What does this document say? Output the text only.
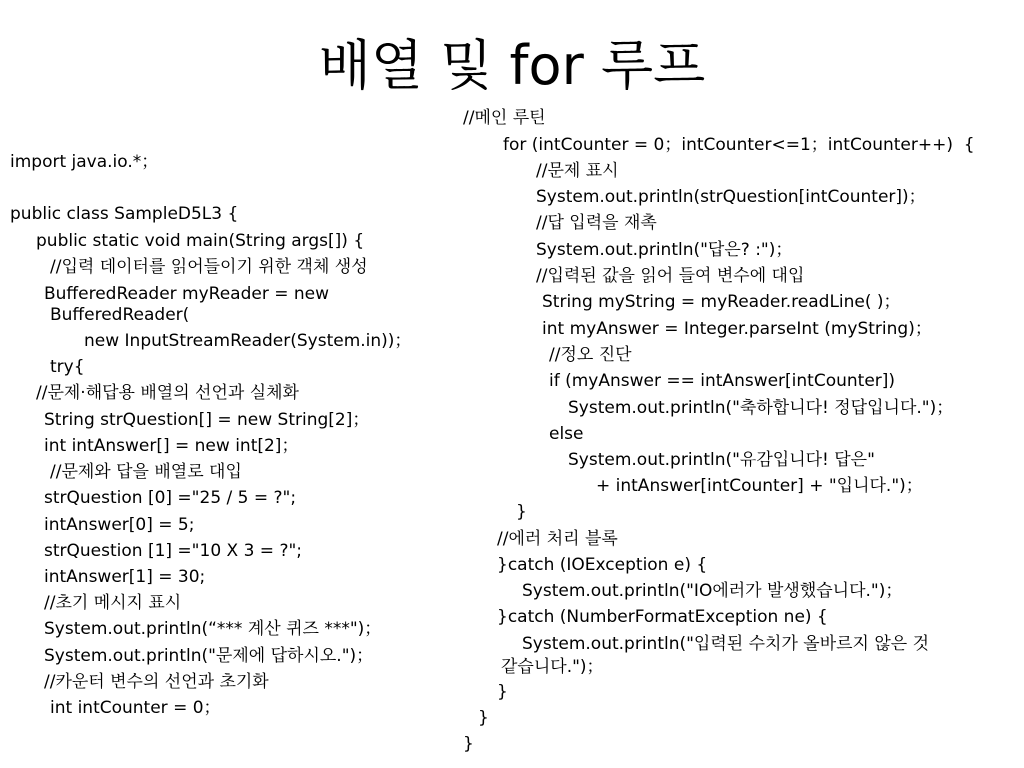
배열 및 for 루프
import java.io.*；
public class SampleD5L3 {
public static void main(String args[]) {
//입력 데이터를 읽어들이기 위한 객체 생성
BufferedReader myReader = new
BufferedReader(
new InputStreamReader(System.in))；
try{
//문제·해답용 배열의 선언과 실체화
String strQuestion[] = new String[2]；
int intAnswer[] = new int[2]；
//문제와 답을 배열로 대입
strQuestion [0] ="25 / 5 = ?";
intAnswer[0] = 5;
strQuestion [1] ="10 X 3 = ?";
intAnswer[1] = 30;
//초기 메시지 표시
System.out.println(“*** 계산 퀴즈 ***")；
System.out.println("문제에 답하시오.")；
//카운터 변수의 선언과 초기화
int intCounter = 0；
//메인 루틴
for (intCounter = 0；intCounter<=1；intCounter++)  {
//문제 표시
System.out.println(strQuestion[intCounter])；
//답 입력을 재촉
System.out.println("답은? :")；
//입력된 값을 읽어 들여 변수에 대입
String myString = myReader.readLine( )；
int myAnswer = Integer.parseInt (myString)；
//정오 진단
if (myAnswer == intAnswer[intCounter])
System.out.println("축하합니다! 정답입니다.")；
else
System.out.println("유감입니다! 답은"
+ intAnswer[intCounter] + "입니다.")；
}
//에러 처리 블록
}catch (IOException e) {
System.out.println("IO에러가 발생했습니다.")；
}catch (NumberFormatException ne) {
System.out.println("입력된 수치가 올바르지 않은 것
같습니다.")；
}
}
}
